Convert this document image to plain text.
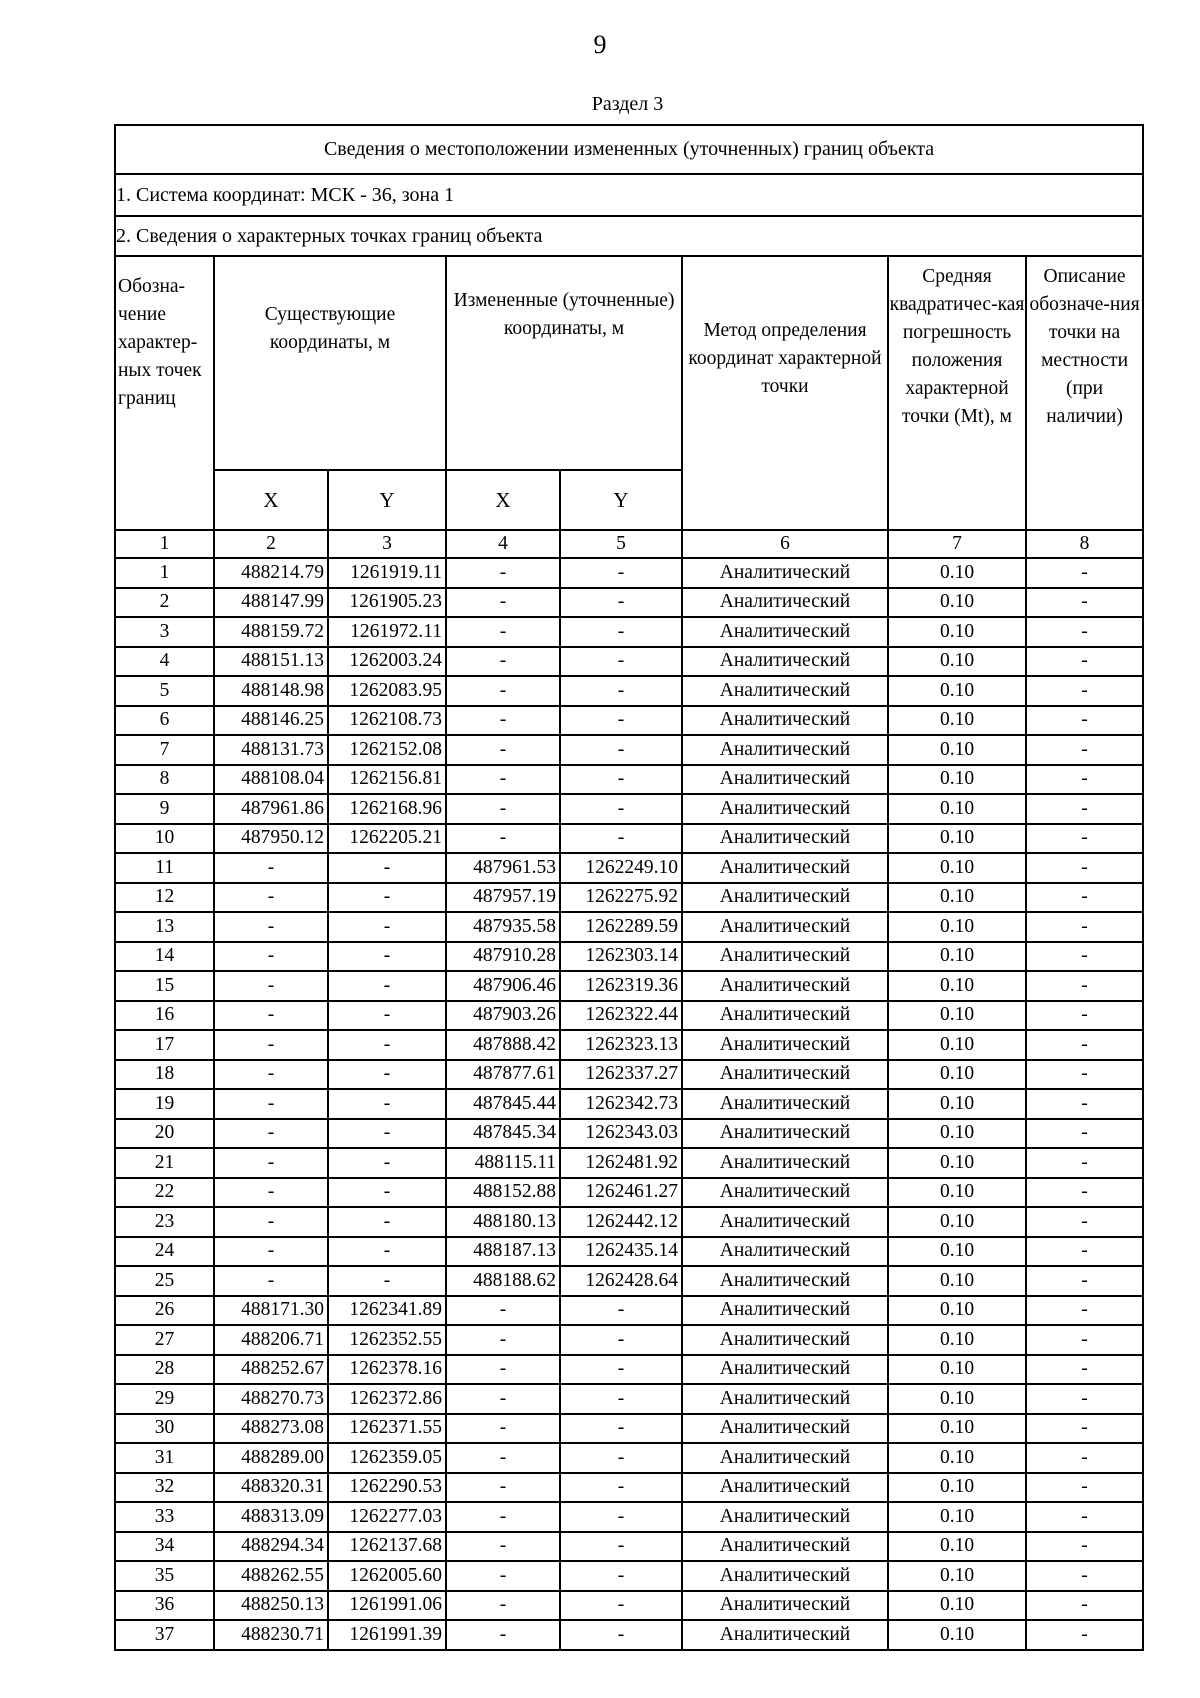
9
Раздел 3
Сведения о местоположении измененных (уточненных) границ объекта							
1. Система координат: МСК - 36, зона 1							
2. Сведения о характерных точках границ объекта							
Обозна-чение характер-ных точек границ	Существующие координаты, м		Измененные (уточненные) координаты, м		Метод определения координат характерной точки	Средняя квадратичес-кая погрешность положения характерной точки (Mt), м	Описание обозначе-ния точки на местности (при наличии)
	X	Y	X	Y			
1	2	3	4	5	6	7	8
1	488214.79	1261919.11	-	-	Аналитический	0.10	-
2	488147.99	1261905.23	-	-	Аналитический	0.10	-
3	488159.72	1261972.11	-	-	Аналитический	0.10	-
4	488151.13	1262003.24	-	-	Аналитический	0.10	-
5	488148.98	1262083.95	-	-	Аналитический	0.10	-
6	488146.25	1262108.73	-	-	Аналитический	0.10	-
7	488131.73	1262152.08	-	-	Аналитический	0.10	-
8	488108.04	1262156.81	-	-	Аналитический	0.10	-
9	487961.86	1262168.96	-	-	Аналитический	0.10	-
10	487950.12	1262205.21	-	-	Аналитический	0.10	-
11	-	-	487961.53	1262249.10	Аналитический	0.10	-
12	-	-	487957.19	1262275.92	Аналитический	0.10	-
13	-	-	487935.58	1262289.59	Аналитический	0.10	-
14	-	-	487910.28	1262303.14	Аналитический	0.10	-
15	-	-	487906.46	1262319.36	Аналитический	0.10	-
16	-	-	487903.26	1262322.44	Аналитический	0.10	-
17	-	-	487888.42	1262323.13	Аналитический	0.10	-
18	-	-	487877.61	1262337.27	Аналитический	0.10	-
19	-	-	487845.44	1262342.73	Аналитический	0.10	-
20	-	-	487845.34	1262343.03	Аналитический	0.10	-
21	-	-	488115.11	1262481.92	Аналитический	0.10	-
22	-	-	488152.88	1262461.27	Аналитический	0.10	-
23	-	-	488180.13	1262442.12	Аналитический	0.10	-
24	-	-	488187.13	1262435.14	Аналитический	0.10	-
25	-	-	488188.62	1262428.64	Аналитический	0.10	-
26	488171.30	1262341.89	-	-	Аналитический	0.10	-
27	488206.71	1262352.55	-	-	Аналитический	0.10	-
28	488252.67	1262378.16	-	-	Аналитический	0.10	-
29	488270.73	1262372.86	-	-	Аналитический	0.10	-
30	488273.08	1262371.55	-	-	Аналитический	0.10	-
31	488289.00	1262359.05	-	-	Аналитический	0.10	-
32	488320.31	1262290.53	-	-	Аналитический	0.10	-
33	488313.09	1262277.03	-	-	Аналитический	0.10	-
34	488294.34	1262137.68	-	-	Аналитический	0.10	-
35	488262.55	1262005.60	-	-	Аналитический	0.10	-
36	488250.13	1261991.06	-	-	Аналитический	0.10	-
37	488230.71	1261991.39	-	-	Аналитический	0.10	-
